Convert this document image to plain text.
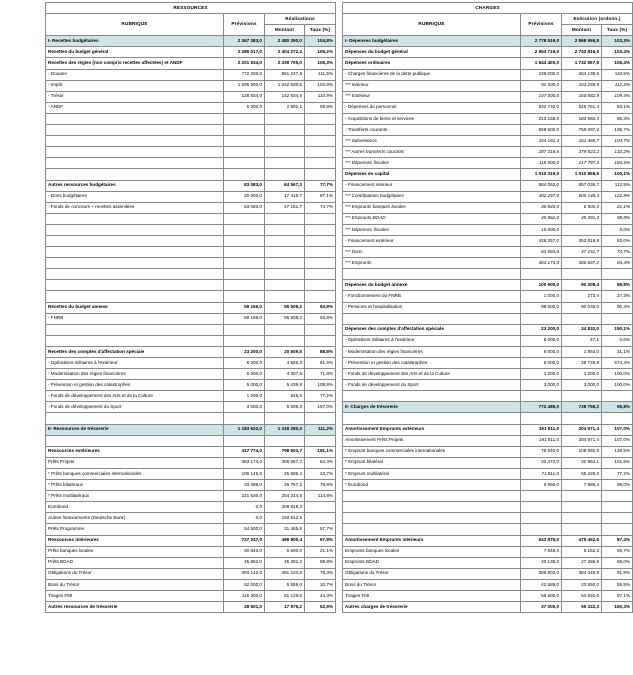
RESSOURCES			
RUBRIQUE	Prévisions	Réalisations	
		Montant	Taux (%)
I- Recettes budgétaires	2 367 383,0	2 480 390,0	104,8%
Recettes du budget général	2 285 017,0	2 404 272,3	105,2%
Recettes des régies (non compris recettes affectées) et ANDF	2 201 934,0	2 339 705,0	106,3%
- Douane	772 200,0	861 247,8	111,5%
- Impôt	1 295 900,0	1 332 630,5	102,8%
- Trésor	128 834,0	142 834,6	110,9%
- ANDF	5 000,0	2 992,1	59,8%

Autres ressources budgétaires	83 083,0	64 567,3	77,7%
- Dons budgétaires	20 000,0	17 415,7	87,1%
- Fonds de concours + recettes assimilées	63 083,0	47 151,7	74,7%

Recettes du budget annexe	59 166,0	55 508,2	93,8%
- FNRB	59 166,0	55 508,2	93,8%

Recettes des comptes d'affectation spéciale	23 200,0	20 609,5	88,8%
- Opérations militaires à l'extérieur	8 000,0	4 926,3	61,6%
- Modernisation des régies financières	6 000,0	4 307,5	71,8%
- Prévention et gestion des catastrophes	5 000,0	5 439,8	108,8%
- Fonds de développement des Arts et de la Culture	1 200,0	926,5	77,2%
- Fonds de développement du Sport	3 000,0	5 009,3	167,0%

II- Ressources de trésorerie	1 183 622,0	1 316 280,3	111,2%

Ressources extérieures	417 774,0	798 503,7	191,1%
Prêts Projets	363 174,0	306 667,2	84,4%
* Prêts banques commerciales internationales	108 145,0	25 595,4	23,7%
* Prêts bilatéraux	33 499,0	26 757,2	79,9%
* Prêts multilatéraux	221 530,0	254 314,6	114,8%
Eurobond	0,0	309 818,3	
Autres financements (Deutsche Bank)	0,0	150 512,5	
Prêts Programme	54 600,0	31 485,9	57,7%
Ressources intérieures	737 247,0	499 800,4	67,8%
Prêts banques locales	30 843,0	6 500,0	21,1%
Prêts BOAD	45 962,0	45 391,3	98,8%
Obligations du Trésor	493 142,0	391 220,5	79,3%
Bons du Trésor	52 000,0	5 559,0	10,7%
Tirages FMI	115 300,0	51 129,6	44,3%
Autres ressources de trésorerie	28 601,0	17 976,2	62,9%
CHARGES			
RUBRIQUE	Prévisions	Exécution (ordonn.)	
		Montant	Taux (%)
I- Dépenses budgétaires	2 778 519,0	2 868 956,5	103,3%
Dépenses du budget général	2 654 719,0	2 743 816,0	103,4%
Dépenses ordinaires	1 644 400,0	1 732 957,5	105,4%
- Charges financières de la dette publique	239 000,0	264 138,5	110,5%
*** Intérieur	92 000,0	103 255,5	112,2%
*** Extérieur	147 000,0	160 882,9	109,4%
- Dépenses de personnel	632 732,0	525 761,4	83,1%
- Acquisitions de biens et services	213 168,0	183 960,4	86,3%
- Transferts courants	559 500,0	759 097,2	135,7%
*** Subventions	154 181,4	161 486,7	104,7%
*** Autres transferts courants	287 318,6	379 823,2	132,2%
*** Dépenses fiscales	118 000,0	217 787,3	184,6%
Dépenses en capital	1 010 319,0	1 010 858,6	100,1%
- Financement intérieur	584 062,0	657 039,7	112,5%
*** Contributions budgétaires	492 257,0	605 148,4	122,9%
*** Emprunts banques locales	30 843,0	6 500,0	21,1%
*** Emprunts BOAD	45 962,0	45 391,3	98,8%
*** Dépenses fiscales	15 000,0		0,0%
- Financement extérieur	426 257,0	353 818,9	83,0%
*** Dons	63 083,0	47 151,7	74,7%
*** Emprunts	363 174,0	306 667,2	84,4%

Dépenses du budget annexe	100 600,0	90 308,4	89,8%
- Fonctionnement du FNRB	1 000,0	273,4	27,3%
- Pensions et hospitalisation	99 600,0	90 035,0	90,4%

Dépenses des comptes d'affectation spéciale	23 200,0	34 832,0	150,1%
- Opérations militaires à l'extérieur	8 000,0	47,1	0,6%
- Modernisation des régies financières	6 000,0	1 864,0	31,1%
- Prévention et gestion des catastrophes	5 000,0	28 720,9	574,4%
- Fonds de développement des Arts et de la Culture	1 200,0	1 200,0	100,0%
- Fonds de développement du Sport	3 000,0	3 000,0	100,0%

II- Charges de trésorerie	772 486,0	739 756,2	95,8%

Amortissement Emprunts extérieurs	191 511,0	204 971,4	107,0%
Amortissement Prêts Projets	191 511,0	204 971,4	107,0%
* Emprunt banques commerciales internationales	78 640,0	108 892,9	138,5%
* Emprunt bilatéral	32 472,0	32 964,1	101,5%
* Emprunt multilatéral	71 511,0	55 228,0	77,2%
* Eurobond	8 866,0	7 886,4	88,0%

Amortissement Emprunts intérieurs	543 975,0	475 462,5	87,4%
Emprunts banques locales	7 848,0	5 152,3	65,7%
Emprunts BOAD	40 135,0	27 286,9	68,0%
Obligations du Trésor	396 803,0	364 440,8	91,8%
Bons du Trésor	42 589,0	23 650,0	55,5%
Tirages FMI	56 600,0	54 932,6	97,1%
Autres charges de trésorerie	37 000,0	59 322,3	160,3%
